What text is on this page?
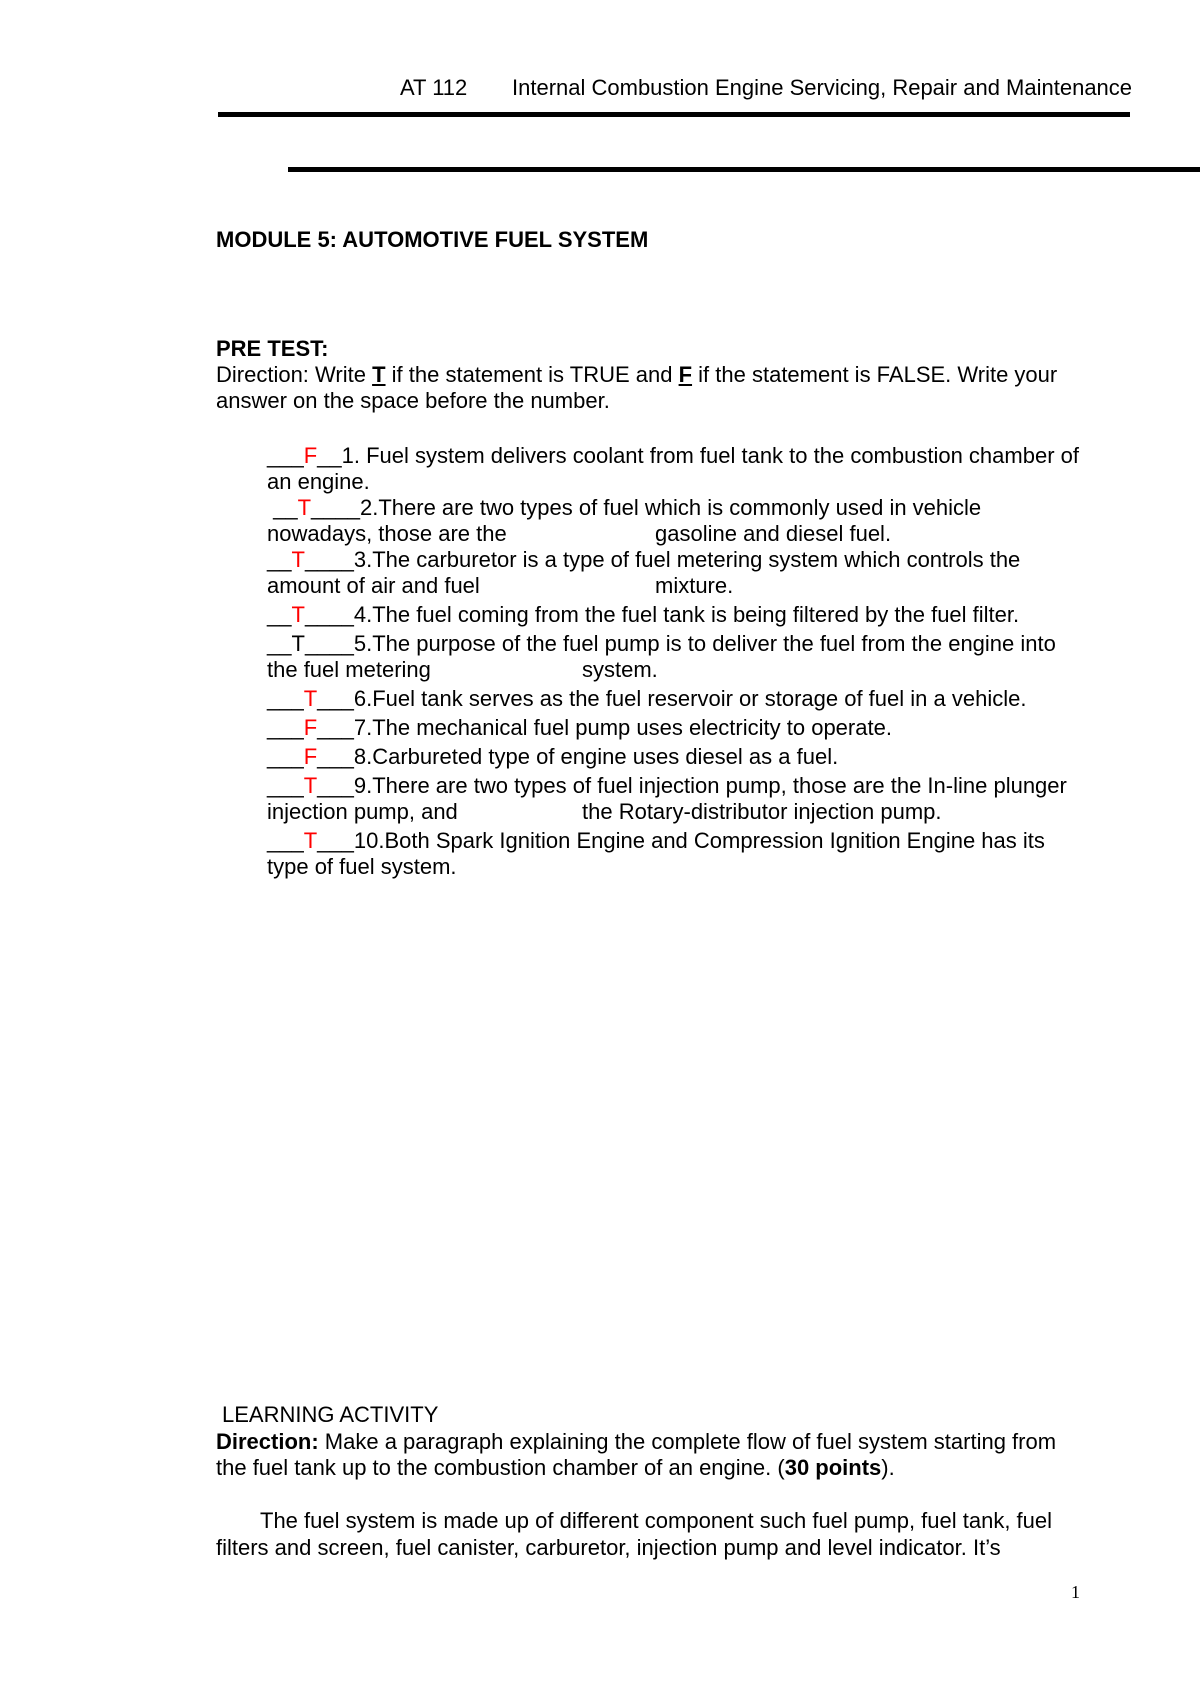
AT 112 Internal Combustion Engine Servicing, Repair and Maintenance
MODULE 5: AUTOMOTIVE FUEL SYSTEM
PRE TEST:
Direction: Write T if the statement is TRUE and F if the statement is FALSE. Write your
answer on the space before the number.
___F__1. Fuel system delivers coolant from fuel tank to the combustion chamber of
an engine.
__T____2.There are two types of fuel which is commonly used in vehicle
nowadays, those are the	gasoline and diesel fuel.
__T____3.The carburetor is a type of fuel metering system which controls the
amount of air and fuel	mixture.
__T____4.The fuel coming from the fuel tank is being filtered by the fuel filter.
__T____5.The purpose of the fuel pump is to deliver the fuel from the engine into
the fuel metering	system.
___T___6.Fuel tank serves as the fuel reservoir or storage of fuel in a vehicle.
___F___7.The mechanical fuel pump uses electricity to operate.
___F___8.Carbureted type of engine uses diesel as a fuel.
___T___9.There are two types of fuel injection pump, those are the In-line plunger
injection pump, and	the Rotary-distributor injection pump.
___T___10.Both Spark Ignition Engine and Compression Ignition Engine has its
type of fuel system.
LEARNING ACTIVITY
Direction: Make a paragraph explaining the complete flow of fuel system starting from
the fuel tank up to the combustion chamber of an engine. (30 points).
The fuel system is made up of different component such fuel pump, fuel tank, fuel
filters and screen, fuel canister, carburetor, injection pump and level indicator. It’s
1
